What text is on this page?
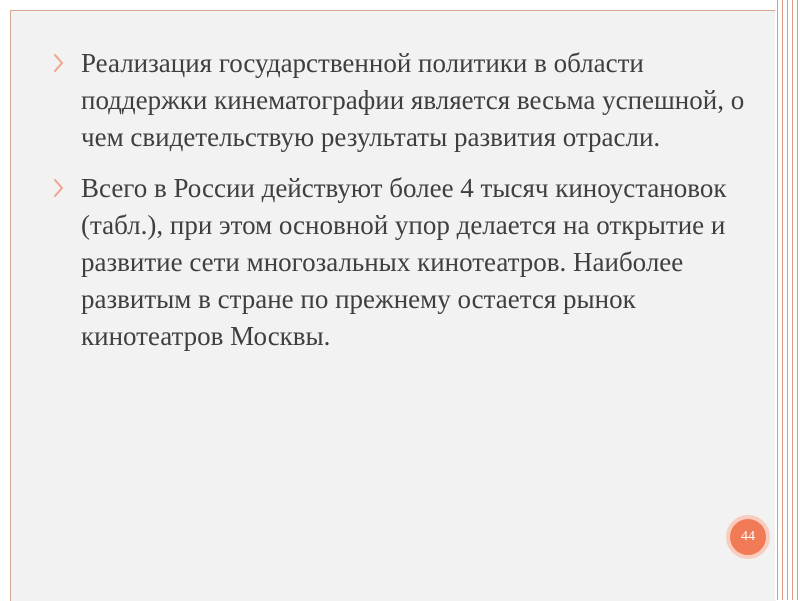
Реализация государственной политики в области поддержки кинематографии является весьма успешной, о чем свидетельствую результаты развития отрасли.
Всего в России действуют более 4 тысяч киноустановок (табл.), при этом основной упор делается на открытие и развитие сети многозальных кинотеатров. Наиболее развитым в стране по прежнему остается рынок кинотеатров Москвы.
44
